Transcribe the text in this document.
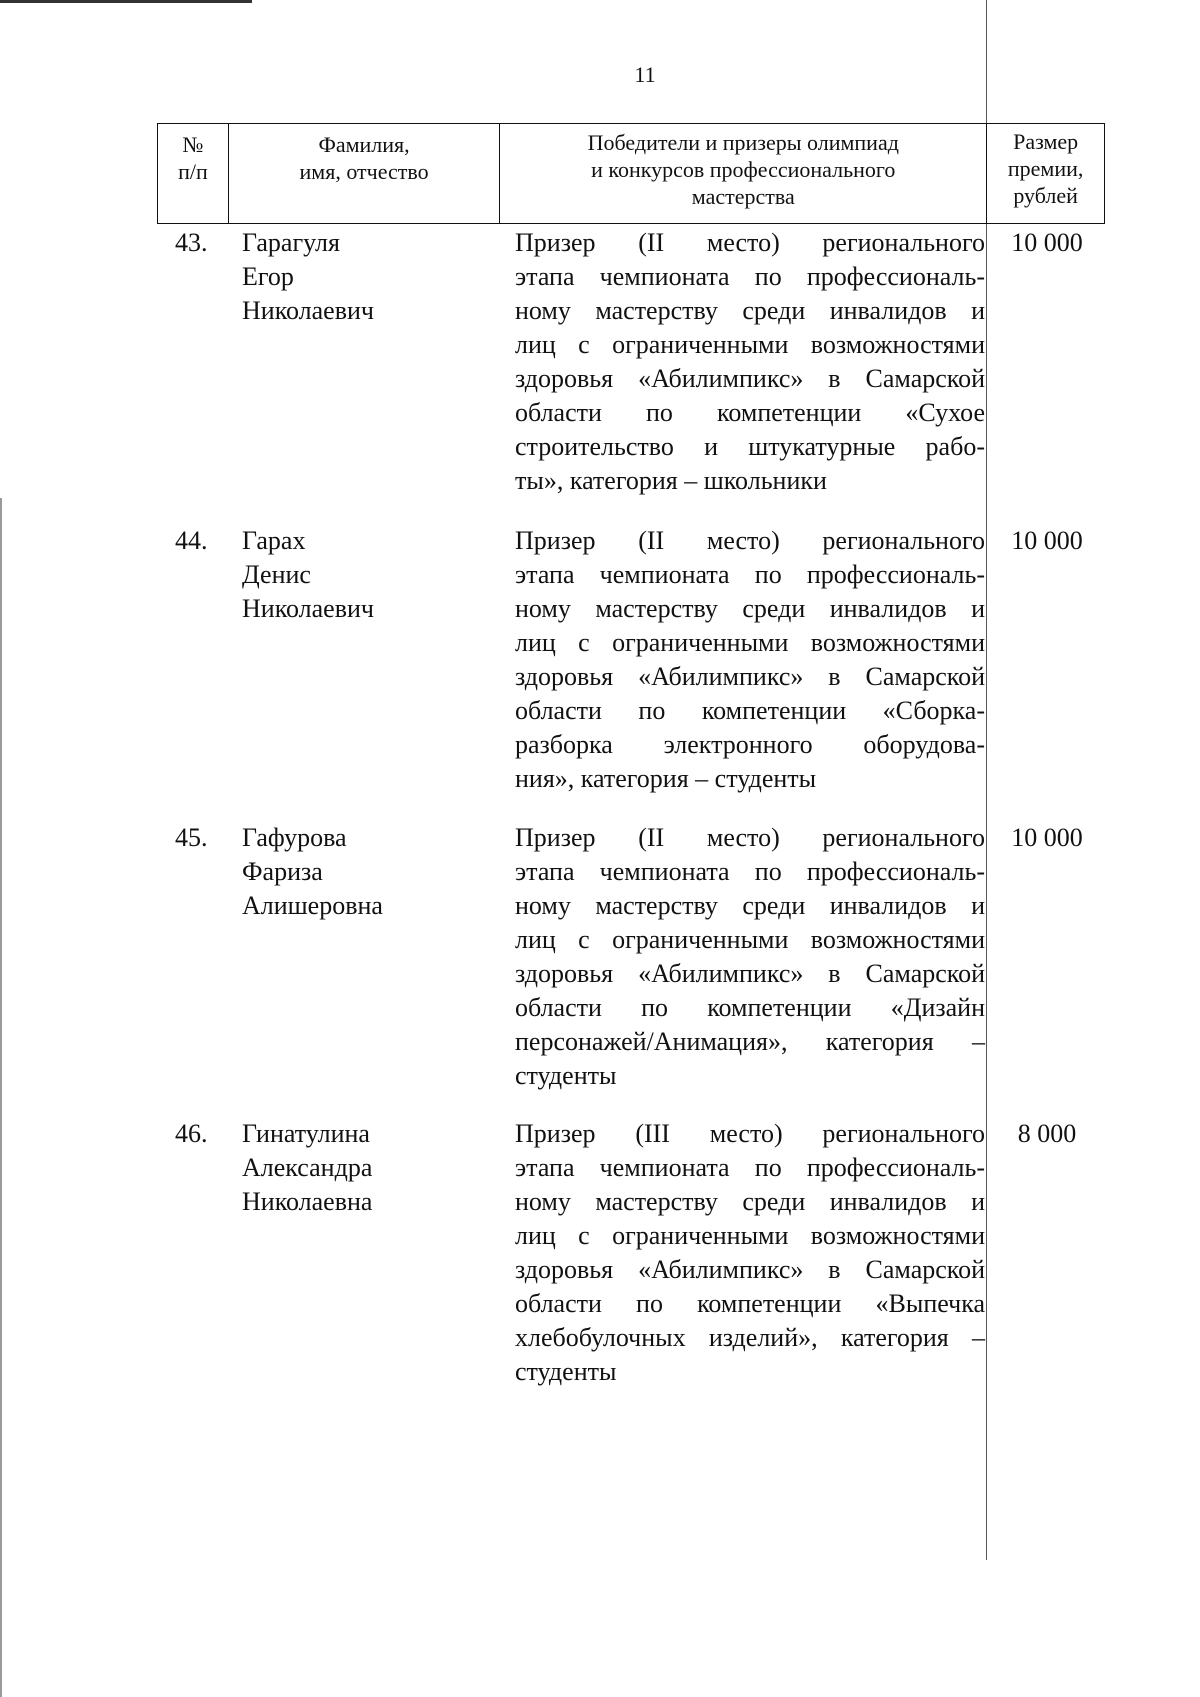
11
№
п/п
Фамилия,
имя, отчество
Победители и призеры олимпиад
и конкурсов профессионального
мастерства
Размер
премии,
рублей
43. Гарагуля
Егор
Николаевич
Призер (II место) регионального
этапа чемпионата по профессиональ-
ному мастерству среди инвалидов и
лиц с ограниченными возможностями
здоровья «Абилимпикс» в Самарской
области по компетенции «Сухое
строительство и штукатурные рабо-
ты», категория – школьники
10 000
44. Гарах
Денис
Николаевич
Призер (II место) регионального
этапа чемпионата по профессиональ-
ному мастерству среди инвалидов и
лиц с ограниченными возможностями
здоровья «Абилимпикс» в Самарской
области по компетенции «Сборка-
разборка электронного оборудова-
ния», категория – студенты
10 000
45. Гафурова
Фариза
Алишеровна
Призер (II место) регионального
этапа чемпионата по профессиональ-
ному мастерству среди инвалидов и
лиц с ограниченными возможностями
здоровья «Абилимпикс» в Самарской
области по компетенции «Дизайн
персонажей/Анимация», категория –
студенты
10 000
46. Гинатулина
Александра
Николаевна
Призер (III место) регионального
этапа чемпионата по профессиональ-
ному мастерству среди инвалидов и
лиц с ограниченными возможностями
здоровья «Абилимпикс» в Самарской
области по компетенции «Выпечка
хлебобулочных изделий», категория –
студенты
8 000
